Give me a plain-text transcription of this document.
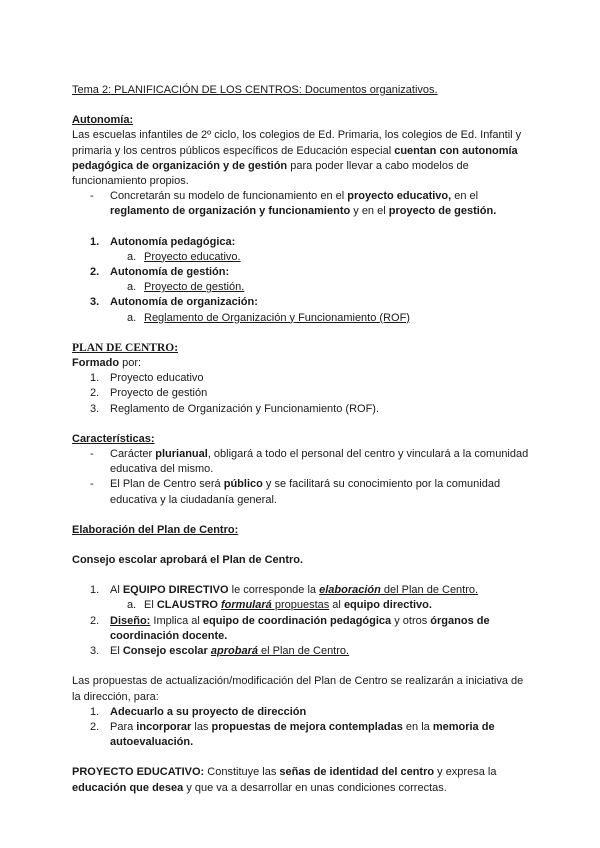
Tema 2: PLANIFICACIÓN DE LOS CENTROS: Documentos organizativos.
Autonomía:
Las escuelas infantiles de 2º ciclo, los colegios de Ed. Primaria, los colegios de Ed. Infantil y primaria y los centros públicos específicos de Educación especial cuentan con autonomía pedagógica de organización y de gestión para poder llevar a cabo modelos de funcionamiento propios.
- Concretarán su modelo de funcionamiento en el proyecto educativo, en el reglamento de organización y funcionamiento y en el proyecto de gestión.
1. Autonomía pedagógica:
a. Proyecto educativo.
2. Autonomía de gestión:
a. Proyecto de gestión.
3. Autonomía de organización:
a. Reglamento de Organización y Funcionamiento (ROF)
PLAN DE CENTRO:
Formado por:
1. Proyecto educativo
2. Proyecto de gestión
3. Reglamento de Organización y Funcionamiento (ROF).
Características:
- Carácter plurianual, obligará a todo el personal del centro y vinculará a la comunidad educativa del mismo.
- El Plan de Centro será público y se facilitará su conocimiento por la comunidad educativa y la ciudadanía general.
Elaboración del Plan de Centro:
Consejo escolar aprobará el Plan de Centro.
1. Al EQUIPO DIRECTIVO le corresponde la elaboración del Plan de Centro.
a. El CLAUSTRO formulará propuestas al equipo directivo.
2. Diseño: Implica al equipo de coordinación pedagógica y otros órganos de coordinación docente.
3. El Consejo escolar aprobará el Plan de Centro.
Las propuestas de actualización/modificación del Plan de Centro se realizarán a iniciativa de la dirección, para:
1. Adecuarlo a su proyecto de dirección
2. Para incorporar las propuestas de mejora contempladas en la memoria de autoevaluación.
PROYECTO EDUCATIVO: Constituye las señas de identidad del centro y expresa la educación que desea y que va a desarrollar en unas condiciones correctas.
